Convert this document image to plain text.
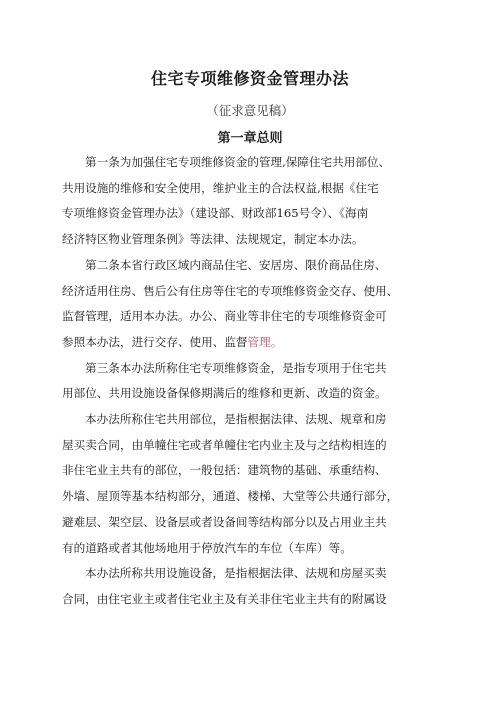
住宅专项维修资金管理办法
（征求意见稿）
第一章总则
第一条为加强住宅专项维修资金的管理,保障住宅共用部位、
共用设施的维修和安全使用，维护业主的合法权益,根据《住宅
专项维修资金管理办法》（建设部、财政部165号令）、《海南
经济特区物业管理条例》等法律、法规规定，制定本办法。
第二条本省行政区域内商品住宅、安居房、限价商品住房、
经济适用住房、售后公有住房等住宅的专项维修资金交存、使用、
监督管理，适用本办法。办公、商业等非住宅的专项维修资金可
参照本办法，进行交存、使用、监督管理。
第三条本办法所称住宅专项维修资金，是指专项用于住宅共
用部位、共用设施设备保修期满后的维修和更新、改造的资金。
本办法所称住宅共用部位，是指根据法律、法规、规章和房
屋买卖合同，由单幢住宅或者单幢住宅内业主及与之结构相连的
非住宅业主共有的部位，一般包括：建筑物的基础、承重结构、
外墙、屋顶等基本结构部分，通道、楼梯、大堂等公共通行部分，
避难层、架空层、设备层或者设备间等结构部分以及占用业主共
有的道路或者其他场地用于停放汽车的车位（车库）等。
本办法所称共用设施设备，是指根据法律、法规和房屋买卖
合同，由住宅业主或者住宅业主及有关非住宅业主共有的附属设
